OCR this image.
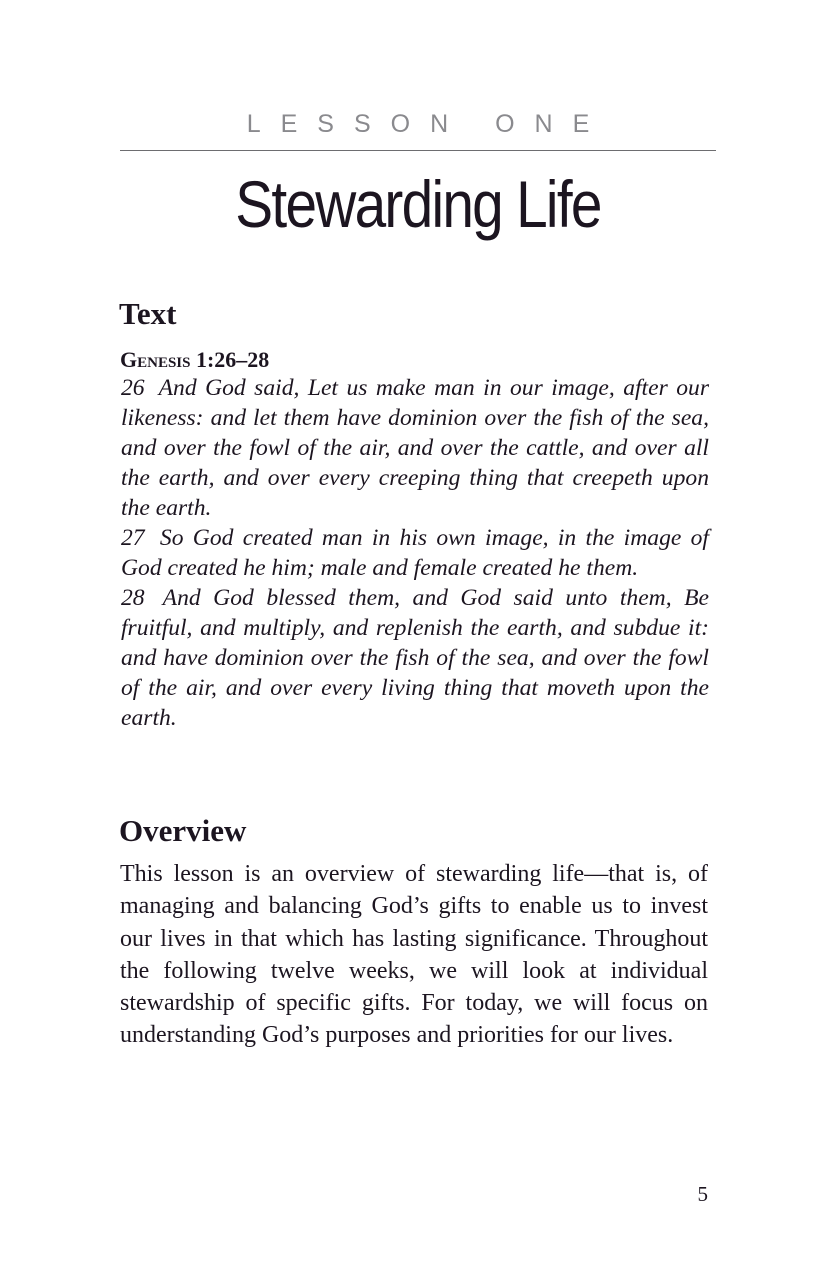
LESSON ONE
Stewarding Life
Text
Genesis 1:26–28

26 And God said, Let us make man in our image, after our likeness: and let them have dominion over the fish of the sea, and over the fowl of the air, and over the cattle, and over all the earth, and over every creeping thing that creepeth upon the earth.

27 So God created man in his own image, in the image of God created he him; male and female created he them.

28 And God blessed them, and God said unto them, Be fruitful, and multiply, and replenish the earth, and subdue it: and have dominion over the fish of the sea, and over the fowl of the air, and over every living thing that moveth upon the earth.

Overview

This lesson is an overview of stewarding life—that is, of managing and balancing God’s gifts to enable us to invest our lives in that which has lasting significance. Throughout the following twelve weeks, we will look at individual stewardship of specific gifts. For today, we will focus on understanding God’s purposes and priorities for our lives.

5
